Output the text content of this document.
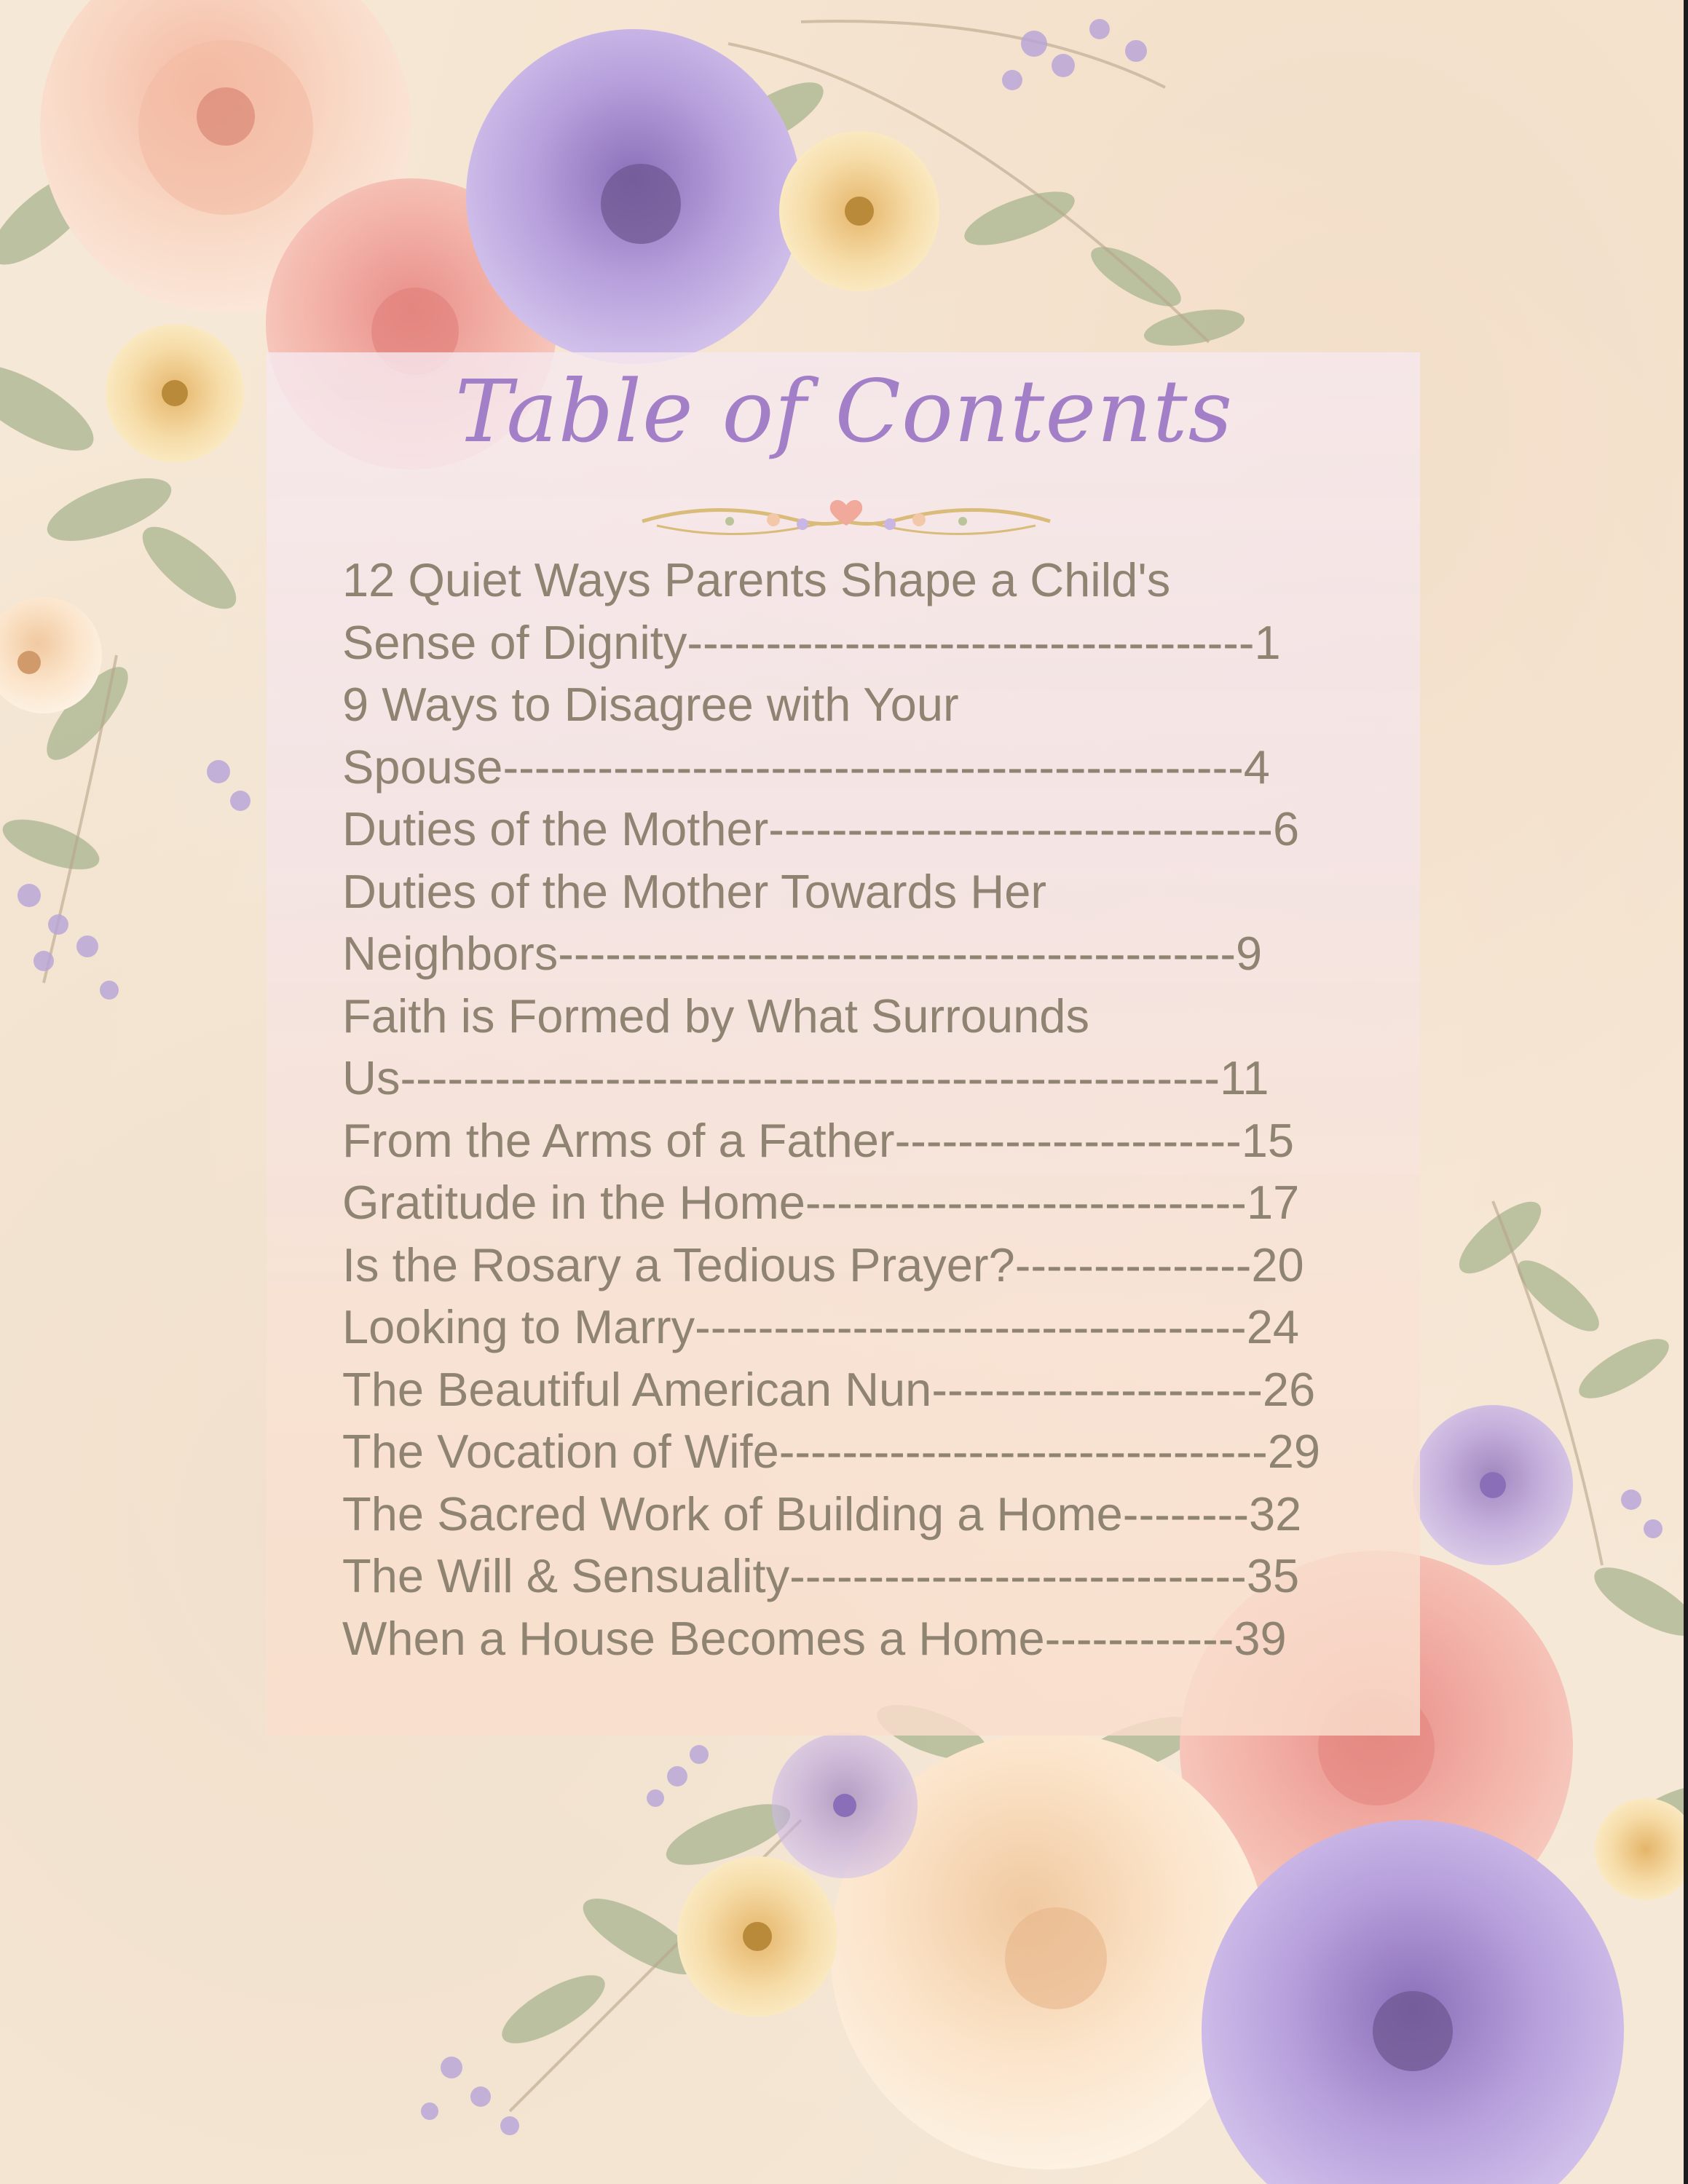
Table of Contents
12 Quiet Ways Parents Shape a Child's
Sense of Dignity------------------------------------1
9 Ways to Disagree with Your
Spouse-----------------------------------------------4
Duties of the Mother--------------------------------6
Duties of the Mother Towards Her
Neighbors-------------------------------------------9
Faith is Formed by What Surrounds
Us----------------------------------------------------11
From the Arms of a Father----------------------15
Gratitude in the Home----------------------------17
Is the Rosary a Tedious Prayer?---------------20
Looking to Marry-----------------------------------24
The Beautiful American Nun---------------------26
The Vocation of Wife-------------------------------29
The Sacred Work of Building a Home--------32
The Will & Sensuality-----------------------------35
When a House Becomes a Home------------39
